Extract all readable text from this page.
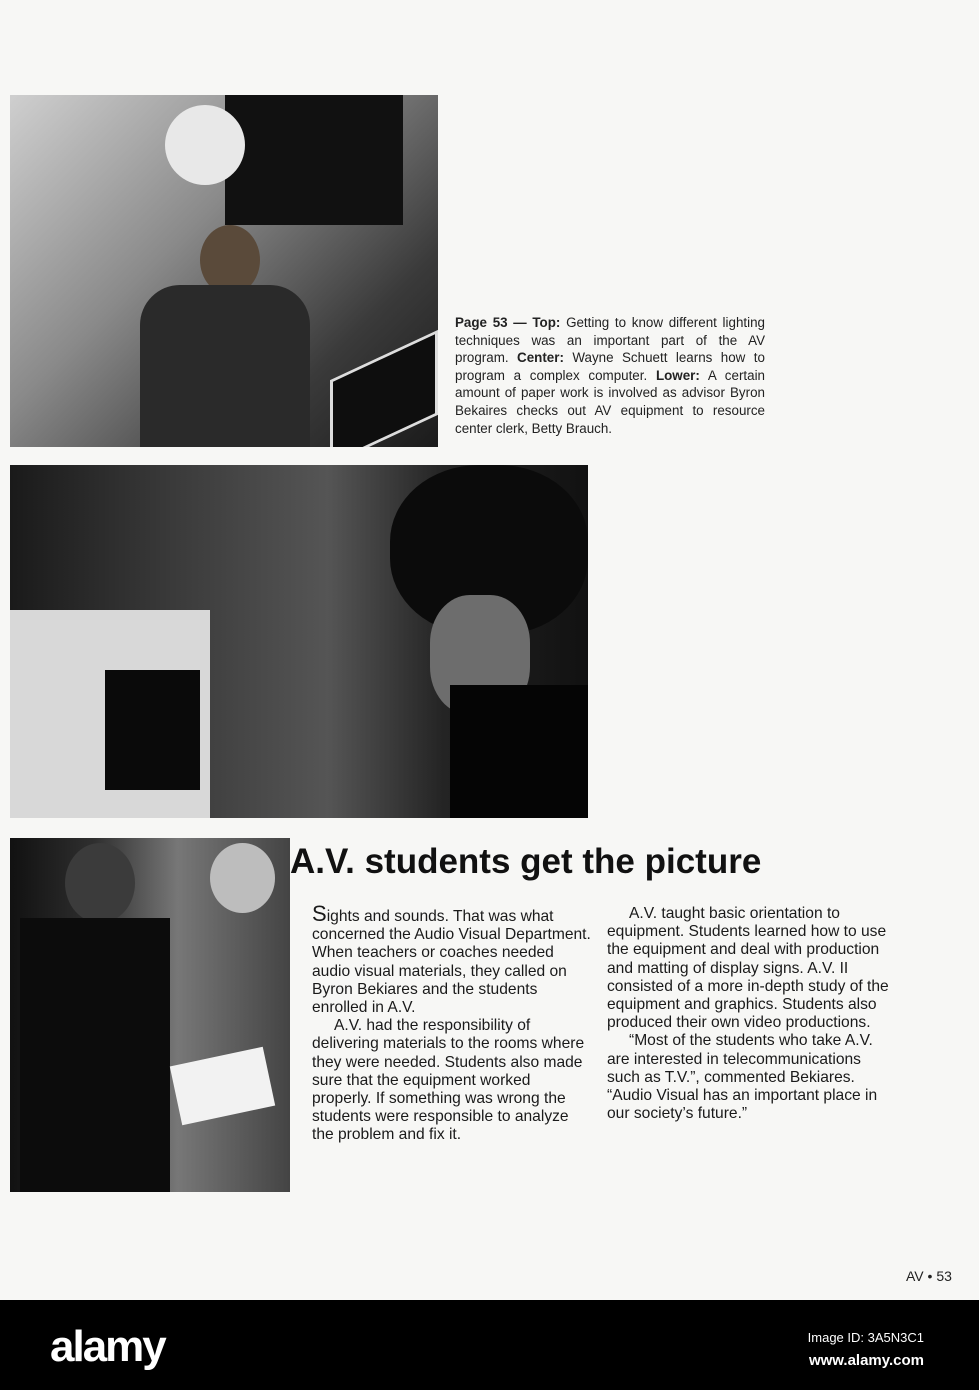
Page 53 — Top: Getting to know different lighting techniques was an important part of the AV program. Center: Wayne Schuett learns how to program a complex computer. Lower: A certain amount of paper work is involved as advisor Byron Bekaires checks out AV equipment to resource center clerk, Betty Brauch.
A.V. students get the picture

Sights and sounds. That was what concerned the Audio Visual Department. When teachers or coaches needed audio visual materials, they called on Byron Bekiares and the students enrolled in A.V.

A.V. had the responsibility of delivering materials to the rooms where they were needed. Students also made sure that the equipment worked properly. If something was wrong the students were responsible to analyze the problem and fix it.

A.V. taught basic orientation to equipment. Students learned how to use the equipment and deal with production and matting of display signs. A.V. II consisted of a more in-depth study of the equipment and graphics. Students also produced their own video productions.

“Most of the students who take A.V. are interested in telecommunications such as T.V.”, commented Bekiares. “Audio Visual has an important place in our society’s future.”

AV • 53
alamy	Image ID: 3A5N3C1
www.alamy.com
